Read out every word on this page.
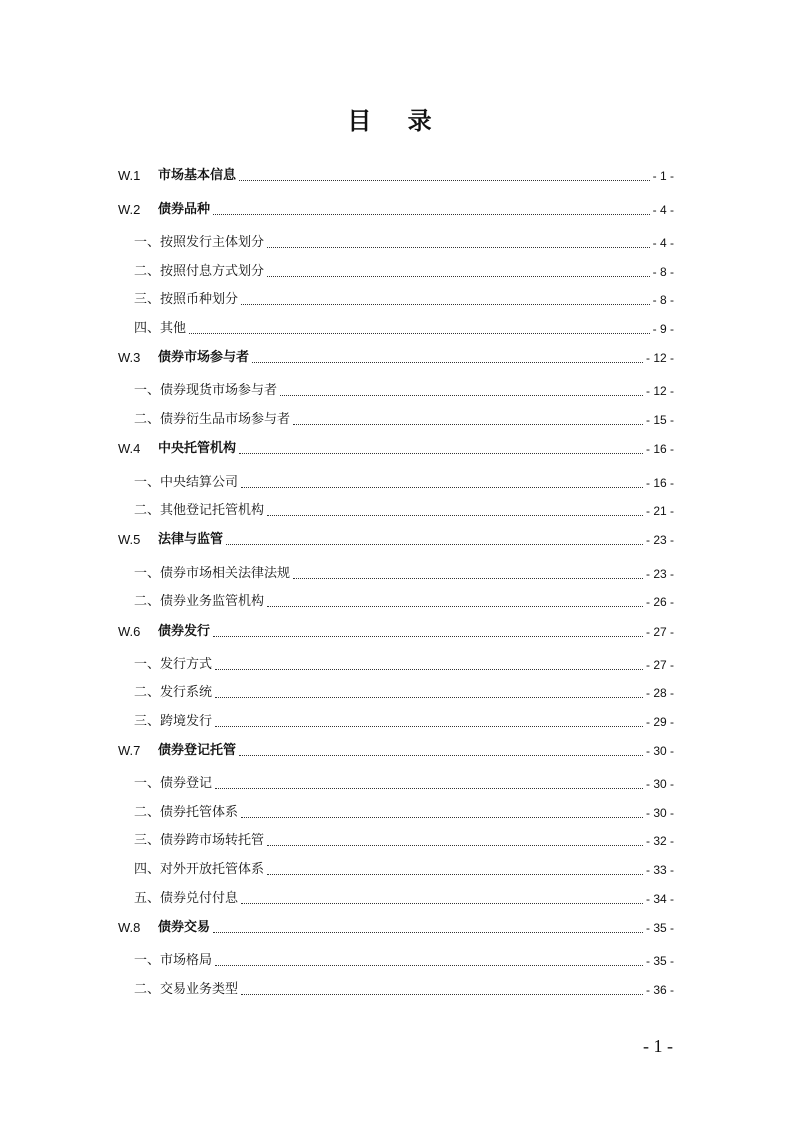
目 录
W.1	市场基本信息	- 1 -
W.2	债券品种	- 4 -
一、按照发行主体划分	- 4 -
二、按照付息方式划分	- 8 -
三、按照币种划分	- 8 -
四、其他	- 9 -
W.3	债券市场参与者	- 12 -
一、债券现货市场参与者	- 12 -
二、债券衍生品市场参与者	- 15 -
W.4	中央托管机构	- 16 -
一、中央结算公司	- 16 -
二、其他登记托管机构	- 21 -
W.5	法律与监管	- 23 -
一、债券市场相关法律法规	- 23 -
二、债券业务监管机构	- 26 -
W.6	债券发行	- 27 -
一、发行方式	- 27 -
二、发行系统	- 28 -
三、跨境发行	- 29 -
W.7	债券登记托管	- 30 -
一、债券登记	- 30 -
二、债券托管体系	- 30 -
三、债券跨市场转托管	- 32 -
四、对外开放托管体系	- 33 -
五、债券兑付付息	- 34 -
W.8	债券交易	- 35 -
一、市场格局	- 35 -
二、交易业务类型	- 36 -
- 1 -
